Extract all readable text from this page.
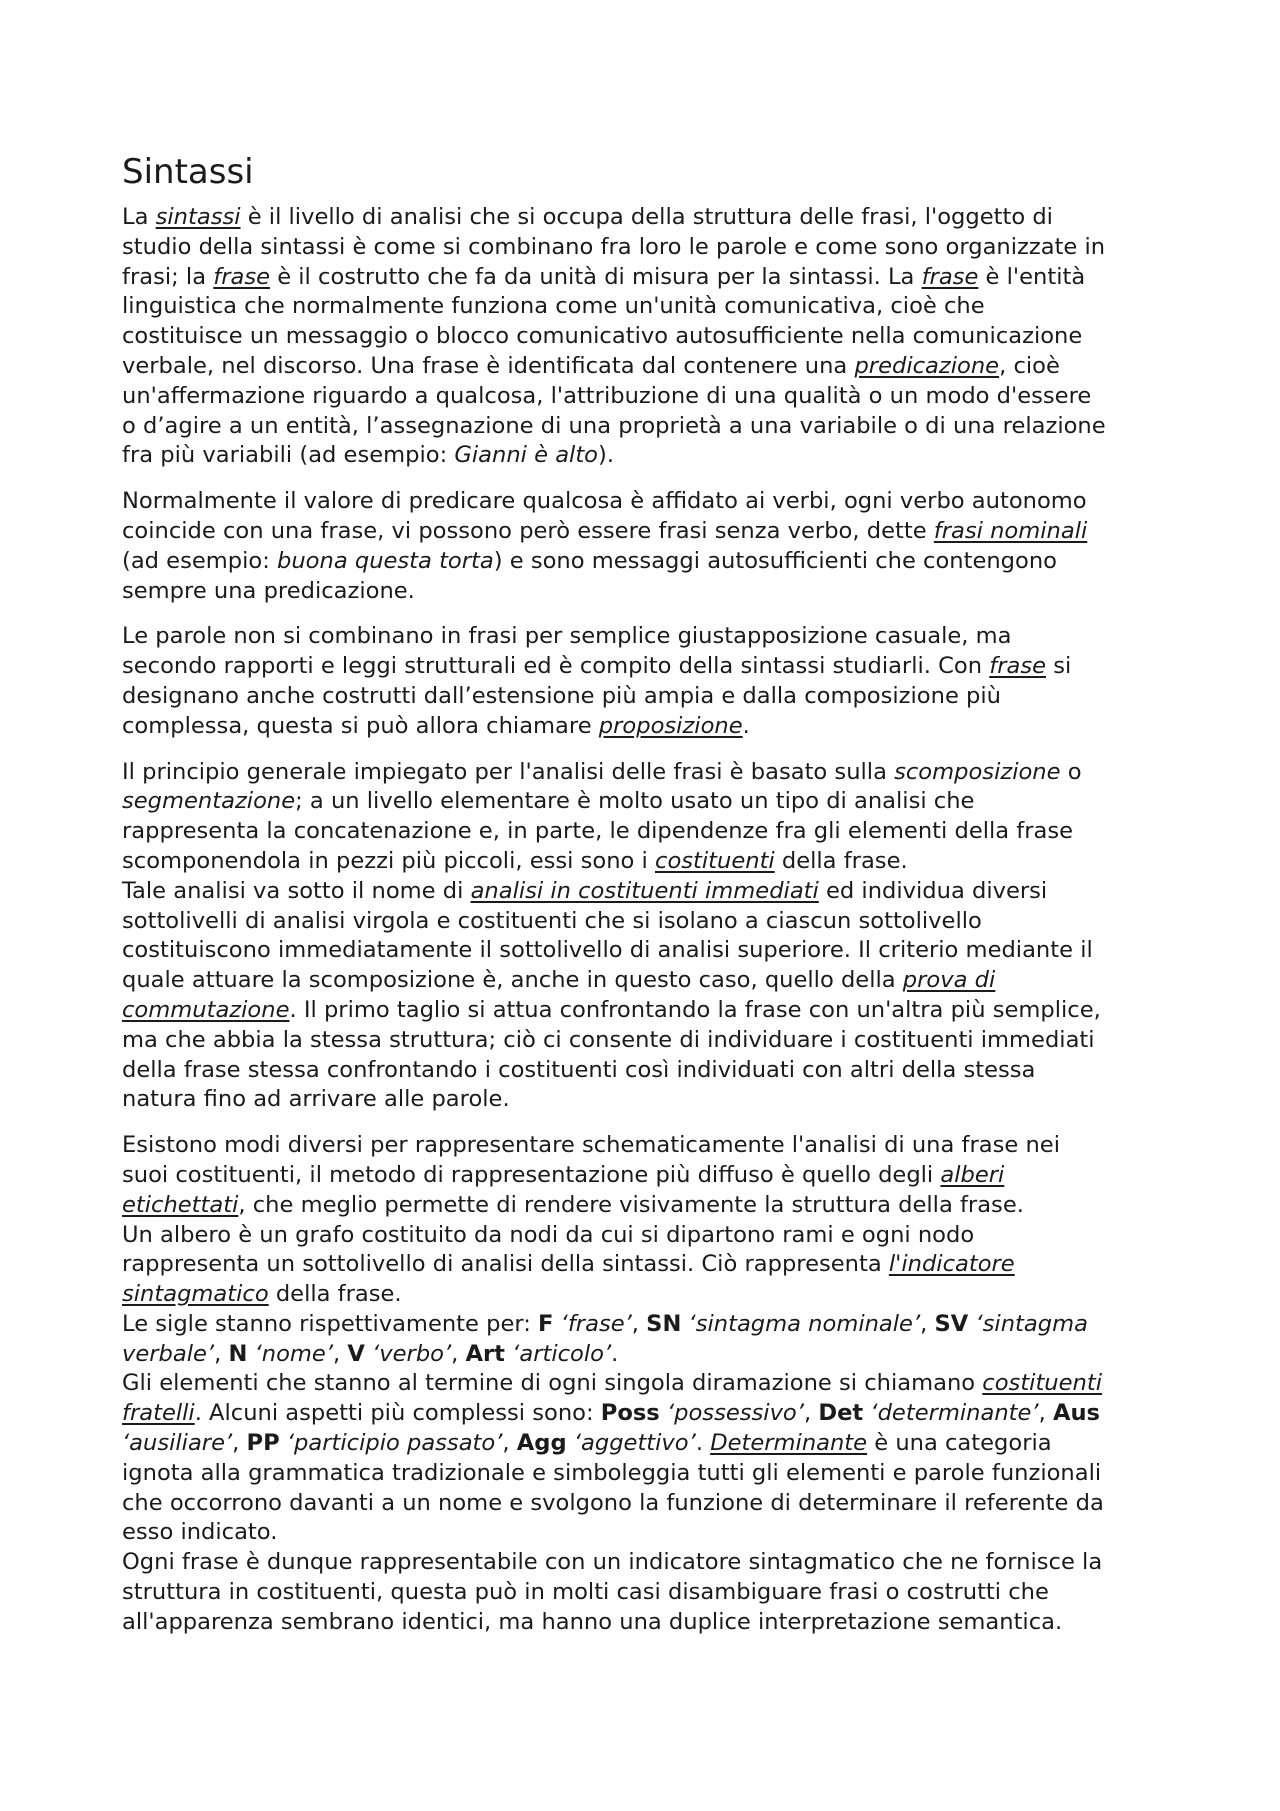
Sintassi

La sintassi è il livello di analisi che si occupa della struttura delle frasi, l'oggetto di
studio della sintassi è come si combinano fra loro le parole e come sono organizzate in
frasi; la frase è il costrutto che fa da unità di misura per la sintassi. La frase è l'entità
linguistica che normalmente funziona come un'unità comunicativa, cioè che
costituisce un messaggio o blocco comunicativo autosufficiente nella comunicazione
verbale, nel discorso. Una frase è identificata dal contenere una predicazione, cioè
un'affermazione riguardo a qualcosa, l'attribuzione di una qualità o un modo d'essere
o d’agire a un entità, l’assegnazione di una proprietà a una variabile o di una relazione
fra più variabili (ad esempio: Gianni è alto).

Normalmente il valore di predicare qualcosa è affidato ai verbi, ogni verbo autonomo
coincide con una frase, vi possono però essere frasi senza verbo, dette frasi nominali
(ad esempio: buona questa torta) e sono messaggi autosufficienti che contengono
sempre una predicazione.

Le parole non si combinano in frasi per semplice giustapposizione casuale, ma
secondo rapporti e leggi strutturali ed è compito della sintassi studiarli. Con frase si
designano anche costrutti dall’estensione più ampia e dalla composizione più
complessa, questa si può allora chiamare proposizione.

Il principio generale impiegato per l'analisi delle frasi è basato sulla scomposizione o
segmentazione; a un livello elementare è molto usato un tipo di analisi che
rappresenta la concatenazione e, in parte, le dipendenze fra gli elementi della frase
scomponendola in pezzi più piccoli, essi sono i costituenti della frase.
Tale analisi va sotto il nome di analisi in costituenti immediati ed individua diversi
sottolivelli di analisi virgola e costituenti che si isolano a ciascun sottolivello
costituiscono immediatamente il sottolivello di analisi superiore. Il criterio mediante il
quale attuare la scomposizione è, anche in questo caso, quello della prova di
commutazione. Il primo taglio si attua confrontando la frase con un'altra più semplice,
ma che abbia la stessa struttura; ciò ci consente di individuare i costituenti immediati
della frase stessa confrontando i costituenti così individuati con altri della stessa
natura fino ad arrivare alle parole.

Esistono modi diversi per rappresentare schematicamente l'analisi di una frase nei
suoi costituenti, il metodo di rappresentazione più diffuso è quello degli alberi
etichettati, che meglio permette di rendere visivamente la struttura della frase.
Un albero è un grafo costituito da nodi da cui si dipartono rami e ogni nodo
rappresenta un sottolivello di analisi della sintassi. Ciò rappresenta l'indicatore
sintagmatico della frase.
Le sigle stanno rispettivamente per: F ‘frase’, SN ‘sintagma nominale’, SV ‘sintagma
verbale’, N ‘nome’, V ‘verbo’, Art ‘articolo’.
Gli elementi che stanno al termine di ogni singola diramazione si chiamano costituenti
fratelli. Alcuni aspetti più complessi sono: Poss ‘possessivo’, Det ‘determinante’, Aus
‘ausiliare’, PP ‘participio passato’, Agg ‘aggettivo’. Determinante è una categoria
ignota alla grammatica tradizionale e simboleggia tutti gli elementi e parole funzionali
che occorrono davanti a un nome e svolgono la funzione di determinare il referente da
esso indicato.
Ogni frase è dunque rappresentabile con un indicatore sintagmatico che ne fornisce la
struttura in costituenti, questa può in molti casi disambiguare frasi o costrutti che
all'apparenza sembrano identici, ma hanno una duplice interpretazione semantica.
